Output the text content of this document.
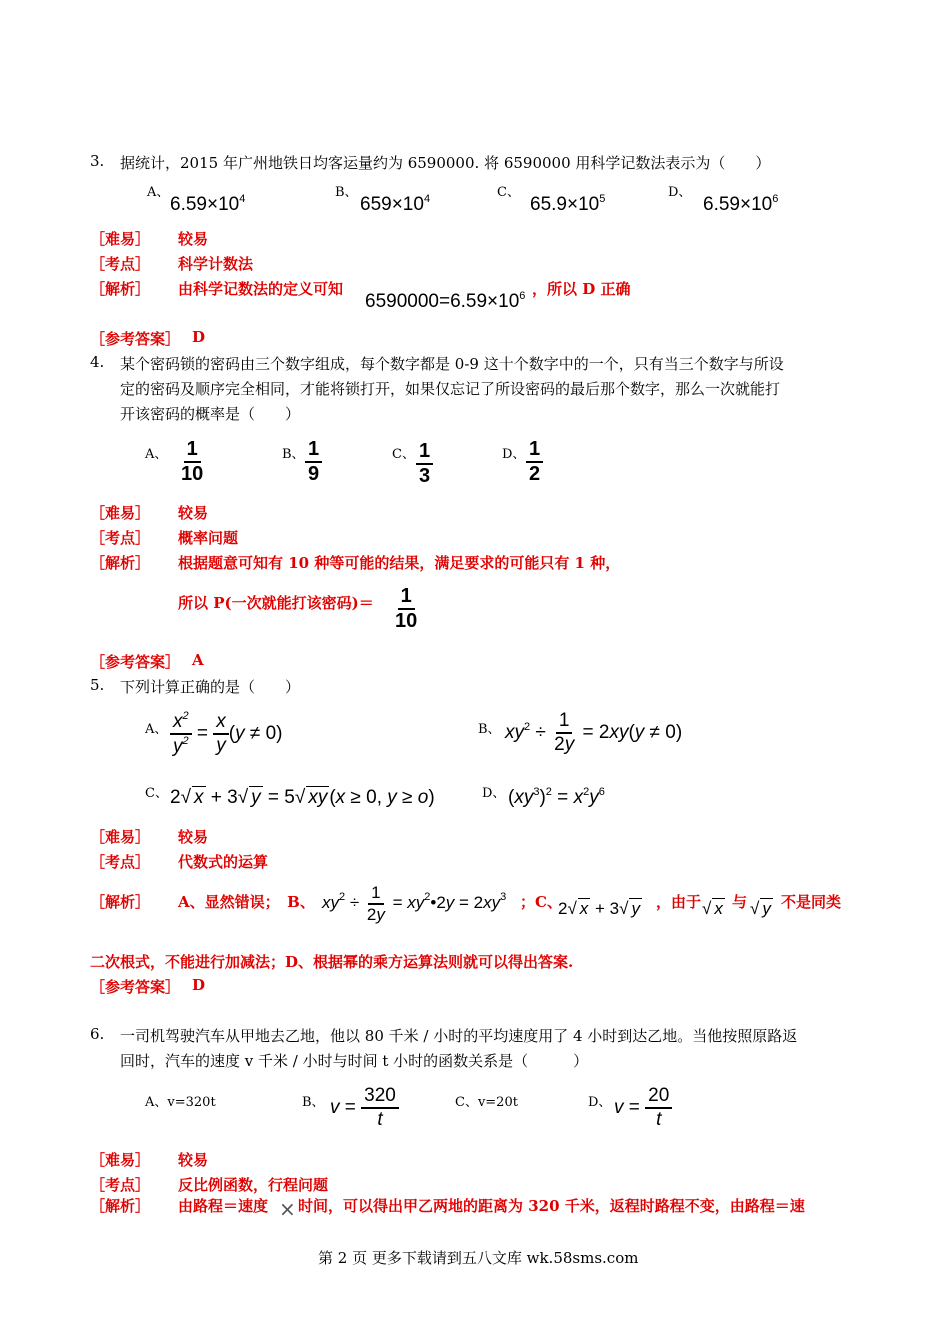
3. 据统计，2015 年广州地铁日均客运量约为 6590000. 将 6590000 用科学记数法表示为（　　）
A、
$6.59\times 10^4$	B、
$659\times 10^4$	C、
$65.9\times 10^5$	D、
$6.59\times 10^6$
［难易］ 较易
［考点］ 科学计数法
［解析］ 由科学记数法的定义可知
$6590000=6.59\times 10^6$ ，所以 D 正确
［参考答案］ D
4. 某个密码锁的密码由三个数字组成，每个数字都是 0-9 这十个数字中的一个，只有当三个数字与所设
定的密码及顺序完全相同，才能将锁打开，如果仅忘记了所设密码的最后那个数字，那么一次就能打
开该密码的概率是（　　）
A、 $\frac{1}{10}$	B、 $\frac{1}{9}$	C、 $\frac{1}{3}$	D、 $\frac{1}{2}$
［难易］ 较易
［考点］ 概率问题
［解析］ 根据题意可知有 10 种等可能的结果，满足要求的可能只有 1 种，
所以 P(一次就能打该密码)＝ $\frac{1}{10}$
［参考答案］ A
5. 下列计算正确的是（　　）
A、 $\frac{x^2}{y^2} = \frac{x}{y} (y \ne 0)$	B、 $xy^2 \div \frac{1}{2y} = 2xy(y \ne 0)$
C、 2√ x + 3√ y = 5√ xy (x ≥ 0, y ≥ o)	D、 $(xy^3)^2 = x^2y^6$
［难易］ 较易
［考点］ 代数式的运算
［解析］ A、显然错误；　B、 $xy^2 \div \frac{1}{2y}$ = $xy^2•2y = 2xy^3$ ；C、
2√ x + 3√ y ，由于 √ x 与 √ y 不是同类
二次根式，不能进行加减法；D、根据幂的乘方运算法则就可以得出答案.
［参考答案］ D
6. 一司机驾驶汽车从甲地去乙地，他以 80 千米 / 小时的平均速度用了 4 小时到达乙地。当他按照原路返
回时，汽车的速度 v 千米 / 小时与时间 t 小时的函数关系是（　　　）
A、v=320t	B、 $v = \frac{320}{t}$	C、v=20t	D、 $v = \frac{20}{t}$
［难易］ 较易
［考点］ 反比例函数，行程问题
［解析］ 由路程＝速度 × 时间，可以得出甲乙两地的距离为 320 千米，返程时路程不变，由路程＝速
第 2 页 更多下载请到五八文库 wk.58sms.com
